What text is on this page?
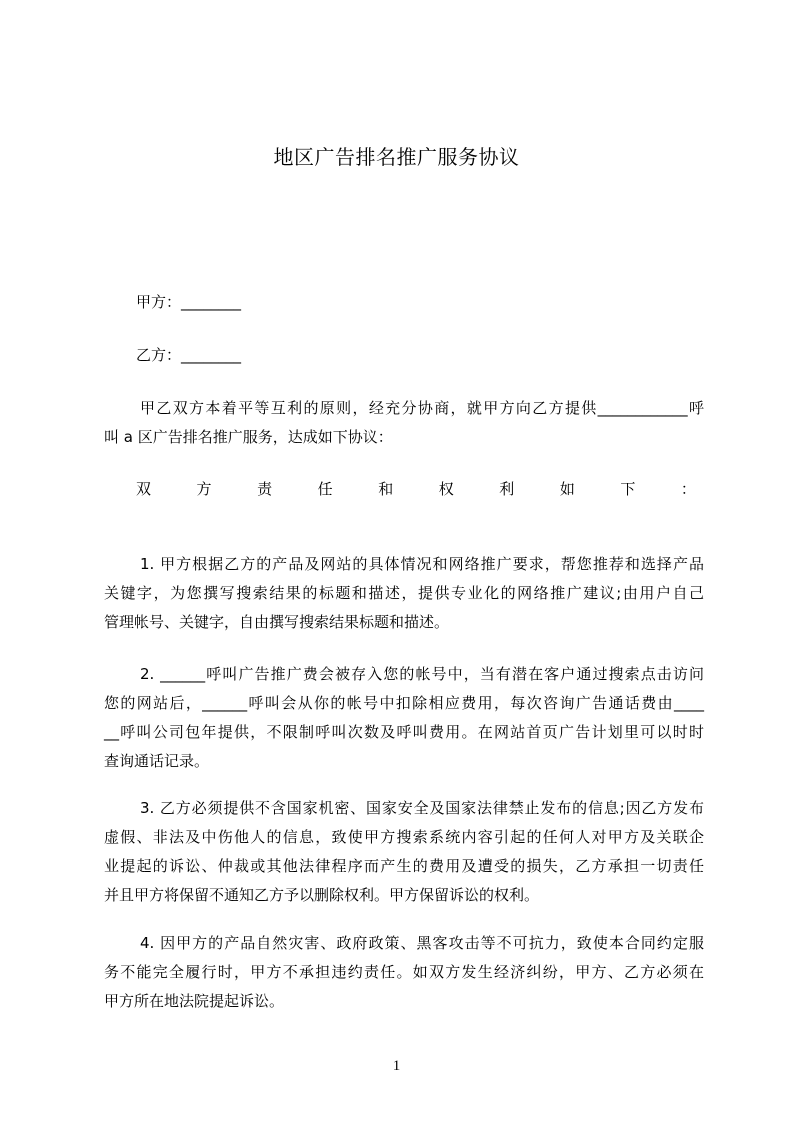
地区广告排名推广服务协议
甲方：________
乙方：________
甲乙双方本着平等互利的原则，经充分协商，就甲方向乙方提供____________呼
叫 a 区广告排名推广服务，达成如下协议：
双	方	责	任	和	权	利	如	下	：
1. 甲方根据乙方的产品及网站的具体情况和网络推广要求，帮您推荐和选择产品
关键字，为您撰写搜索结果的标题和描述，提供专业化的网络推广建议;由用户自己
管理帐号、关键字，自由撰写搜索结果标题和描述。
2. ______呼叫广告推广费会被存入您的帐号中，当有潜在客户通过搜索点击访问
您的网站后，______呼叫会从你的帐号中扣除相应费用，每次咨询广告通话费由____
__呼叫公司包年提供，不限制呼叫次数及呼叫费用。在网站首页广告计划里可以时时
查询通话记录。
3. 乙方必须提供不含国家机密、国家安全及国家法律禁止发布的信息;因乙方发布
虚假、非法及中伤他人的信息，致使甲方搜索系统内容引起的任何人对甲方及关联企
业提起的诉讼、仲裁或其他法律程序而产生的费用及遭受的损失，乙方承担一切责任
并且甲方将保留不通知乙方予以删除权利。甲方保留诉讼的权利。
4. 因甲方的产品自然灾害、政府政策、黑客攻击等不可抗力，致使本合同约定服
务不能完全履行时，甲方不承担违约责任。如双方发生经济纠纷，甲方、乙方必须在
甲方所在地法院提起诉讼。
1
